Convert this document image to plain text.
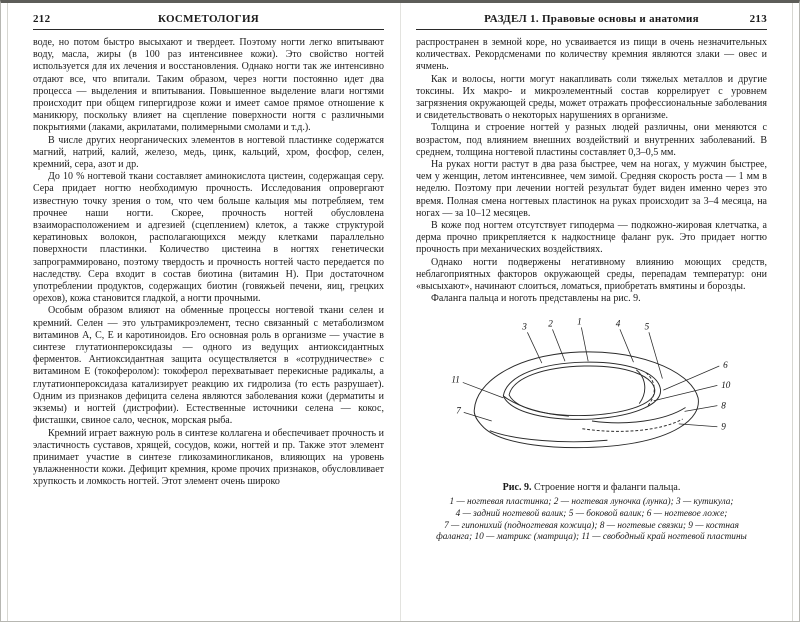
212	КОСМЕТОЛОГИЯ

воде, но потом быстро высыхают и твердеет. Поэтому ногти легко впитывают воду, масла, жиры (в 100 раз интенсивнее кожи). Это свойство ногтей используется для их лечения и восстановления. Однако ногти так же интенсивно отдают все, что впитали. Таким образом, через ногти постоянно идет два процесса — выделения и впитывания. Повышенное выделение влаги ногтями происходит при общем гипергидрозе кожи и имеет самое прямое отношение к маникюру, поскольку влияет на сцепление поверхности ногтя с различными покрытиями (лаками, акрилатами, полимерными смолами и т.д.).

В числе других неорганических элементов в ногтевой пластинке содержатся магний, натрий, калий, железо, медь, цинк, кальций, хром, фосфор, селен, кремний, сера, азот и др.

До 10 % ногтевой ткани составляет аминокислота цистеин, содержащая серу. Сера придает ногтю необходимую прочность. Исследования опровергают известную точку зрения о том, что чем больше кальция мы потребляем, тем прочнее наши ногти. Скорее, прочность ногтей обусловлена взаиморасположением и адгезией (сцеплением) клеток, а также структурой кератиновых волокон, располагающихся между клетками параллельно поверхности пластинки. Количество цистеина в ногтях генетически запрограммировано, поэтому твердость и прочность ногтей часто передается по наследству. Сера входит в состав биотина (витамин Н). При достаточном употреблении продуктов, содержащих биотин (говяжьей печени, яиц, грецких орехов), кожа становится гладкой, а ногти прочными.

Особым образом влияют на обменные процессы ногтевой ткани селен и кремний. Селен — это ультрамикроэлемент, тесно связанный с метаболизмом витаминов А, С, Е и каротиноидов. Его основная роль в организме — участие в синтезе глутатионпероксидазы — одного из ведущих антиоксидантных ферментов. Антиоксидантная защита осуществляется в «сотрудничестве» с витамином Е (токоферолом): токоферол перехватывает перекисные радикалы, а глутатионпероксидаза катализирует реакцию их гидролиза (то есть разрушает). Одним из признаков дефицита селена являются заболевания кожи (дерматиты и экземы) и ногтей (дистрофии). Естественные источники селена — кокос, фисташки, свиное сало, чеснок, морская рыба.

Кремний играет важную роль в синтезе коллагена и обеспечивает прочность и эластичность суставов, хрящей, сосудов, кожи, ногтей и пр. Также этот элемент принимает участие в синтезе гликозаминогликанов, влияющих на уровень увлажненности кожи. Дефицит кремния, кроме прочих признаков, обусловливает хрупкость и ломкость ногтей. Этот элемент очень широко

РАЗДЕЛ 1. Правовые основы и анатомия	213

распространен в земной коре, но усваивается из пищи в очень незначительных количествах. Рекордсменами по количеству кремния являются злаки — овес и ячмень.

Как и волосы, ногти могут накапливать соли тяжелых металлов и другие токсины. Их макро- и микроэлементный состав коррелирует с уровнем загрязнения окружающей среды, может отражать профессиональные заболевания и свидетельствовать о некоторых нарушениях в организме.

Толщина и строение ногтей у разных людей различны, они меняются с возрастом, под влиянием внешних воздействий и внутренних заболеваний. В среднем, толщина ногтевой пластины составляет 0,3–0,5 мм.

На руках ногти растут в два раза быстрее, чем на ногах, у мужчин быстрее, чем у женщин, летом интенсивнее, чем зимой. Средняя скорость роста — 1 мм в неделю. Поэтому при лечении ногтей результат будет виден именно через это время. Полная смена ногтевых пластинок на руках происходит за 3–4 месяца, на ногах — за 10–12 месяцев.

В коже под ногтем отсутствует гиподерма — подкожно-жировая клетчатка, а дерма прочно прикрепляется к надкостнице фаланг рук. Это придает ногтю прочность при механических воздействиях.

Однако ногти подвержены негативному влиянию моющих средств, неблагоприятных факторов окружающей среды, перепадам температур: они «высыхают», начинают слоиться, ломаться, приобретать вмятины и борозды.

Фаланга пальца и ноготь представлены на рис. 9.

3 2	1	4	5
6
10
8
9
11
7
Рис. 9. Строение ногтя и фаланги пальца.
1 — ногтевая пластинка; 2 — ногтевая луночка (лунка); 3 — кутикула;
4 — задний ногтевой валик; 5 — боковой валик; 6 — ногтевое ложе;
7 — гипонихий (подногтевая кожица); 8 — ногтевые связки; 9 — костная
фаланга; 10 — матрикс (матрица); 11 — свободный край ногтевой пластины
